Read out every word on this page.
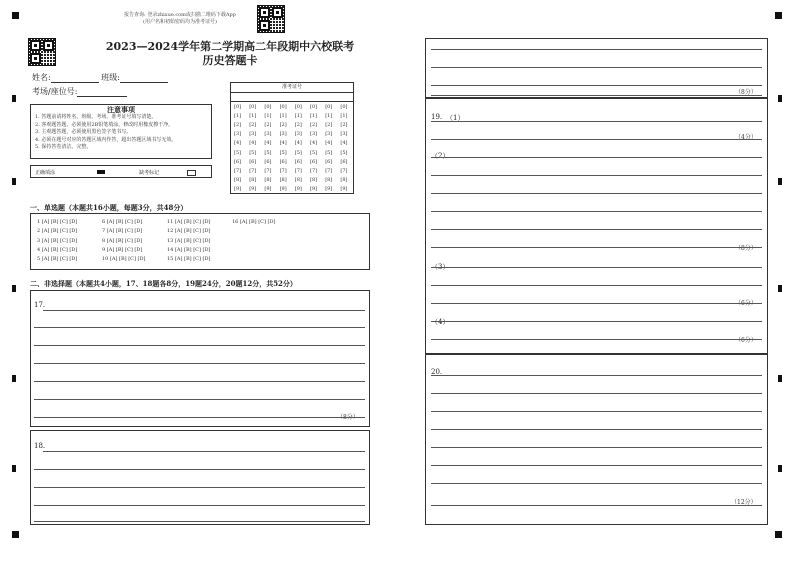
报告查询: 登录zhixue.com或扫描二维码下载App
(用户名和初始密码均为准考证号)
2023—2024学年第二学期高二年段期中六校联考
历史答题卡
姓名:	班级:
考场/座位号:	准考证号
[0] [0] [0] [0] [0] [0] [0] [0]
[1] [1] [1] [1] [1] [1] [1] [1]
[2] [2] [2] [2] [2] [2] [2] [2]
[3] [3] [3] [3] [3] [3] [3] [3]
[4] [4] [4] [4] [4] [4] [4] [4]
[5] [5] [5] [5] [5] [5] [5] [5]
[6] [6] [6] [6] [6] [6] [6] [6]
[7] [7] [7] [7] [7] [7] [7] [7]
[8] [8] [8] [8] [8] [8] [8] [8]
[9] [9] [9] [9] [9] [9] [9] [9]
注意事项
1. 答题前请将姓名、班级、考场、准考证号填写清楚。
2. 客观题答题，必须使用2B铅笔填涂，修改时用橡皮擦干净。
3. 主观题答题，必须使用黑色签字笔书写。
4. 必须在题号对应的答题区域内作答，超出答题区域书写无效。
5. 保持答卷清洁、完整。
正确填涂	缺考标记
一、单选题（本题共16小题，每题3分，共48分）
1 [A] [B] [C] [D]
2 [A] [B] [C] [D]
3 [A] [B] [C] [D]
4 [A] [B] [C] [D]
5 [A] [B] [C] [D]
6 [A] [B] [C] [D]
7 [A] [B] [C] [D]
8 [A] [B] [C] [D]
9 [A] [B] [C] [D]
10 [A] [B] [C] [D]
11 [A] [B] [C] [D]
12 [A] [B] [C] [D]
13 [A] [B] [C] [D]
14 [A] [B] [C] [D]
15 [A] [B] [C] [D]
16 [A] [B] [C] [D]
二、非选择题（本题共4小题，17、18题各8分，19题24分，20题12分，共52分）
17.
（8分）
18.
（8分）
19. （1）
（4分）
（2）
（8分）
（3）
（6分）
（4）
（6分）
20.
（12分）
